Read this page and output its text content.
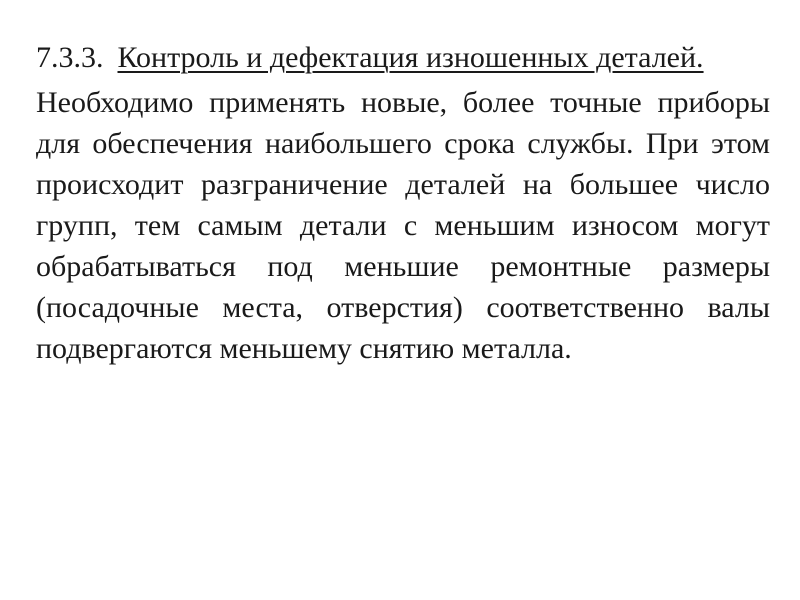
7.3.3. Контроль и дефектация изношенных деталей.

Необходимо применять новые, более точные приборы для обеспечения наибольшего срока службы. При этом происходит разграничение деталей на большее число групп, тем самым детали с меньшим износом могут обрабатываться под меньшие ремонтные размеры (посадочные места, отверстия) соответственно валы подвергаются меньшему снятию металла.
